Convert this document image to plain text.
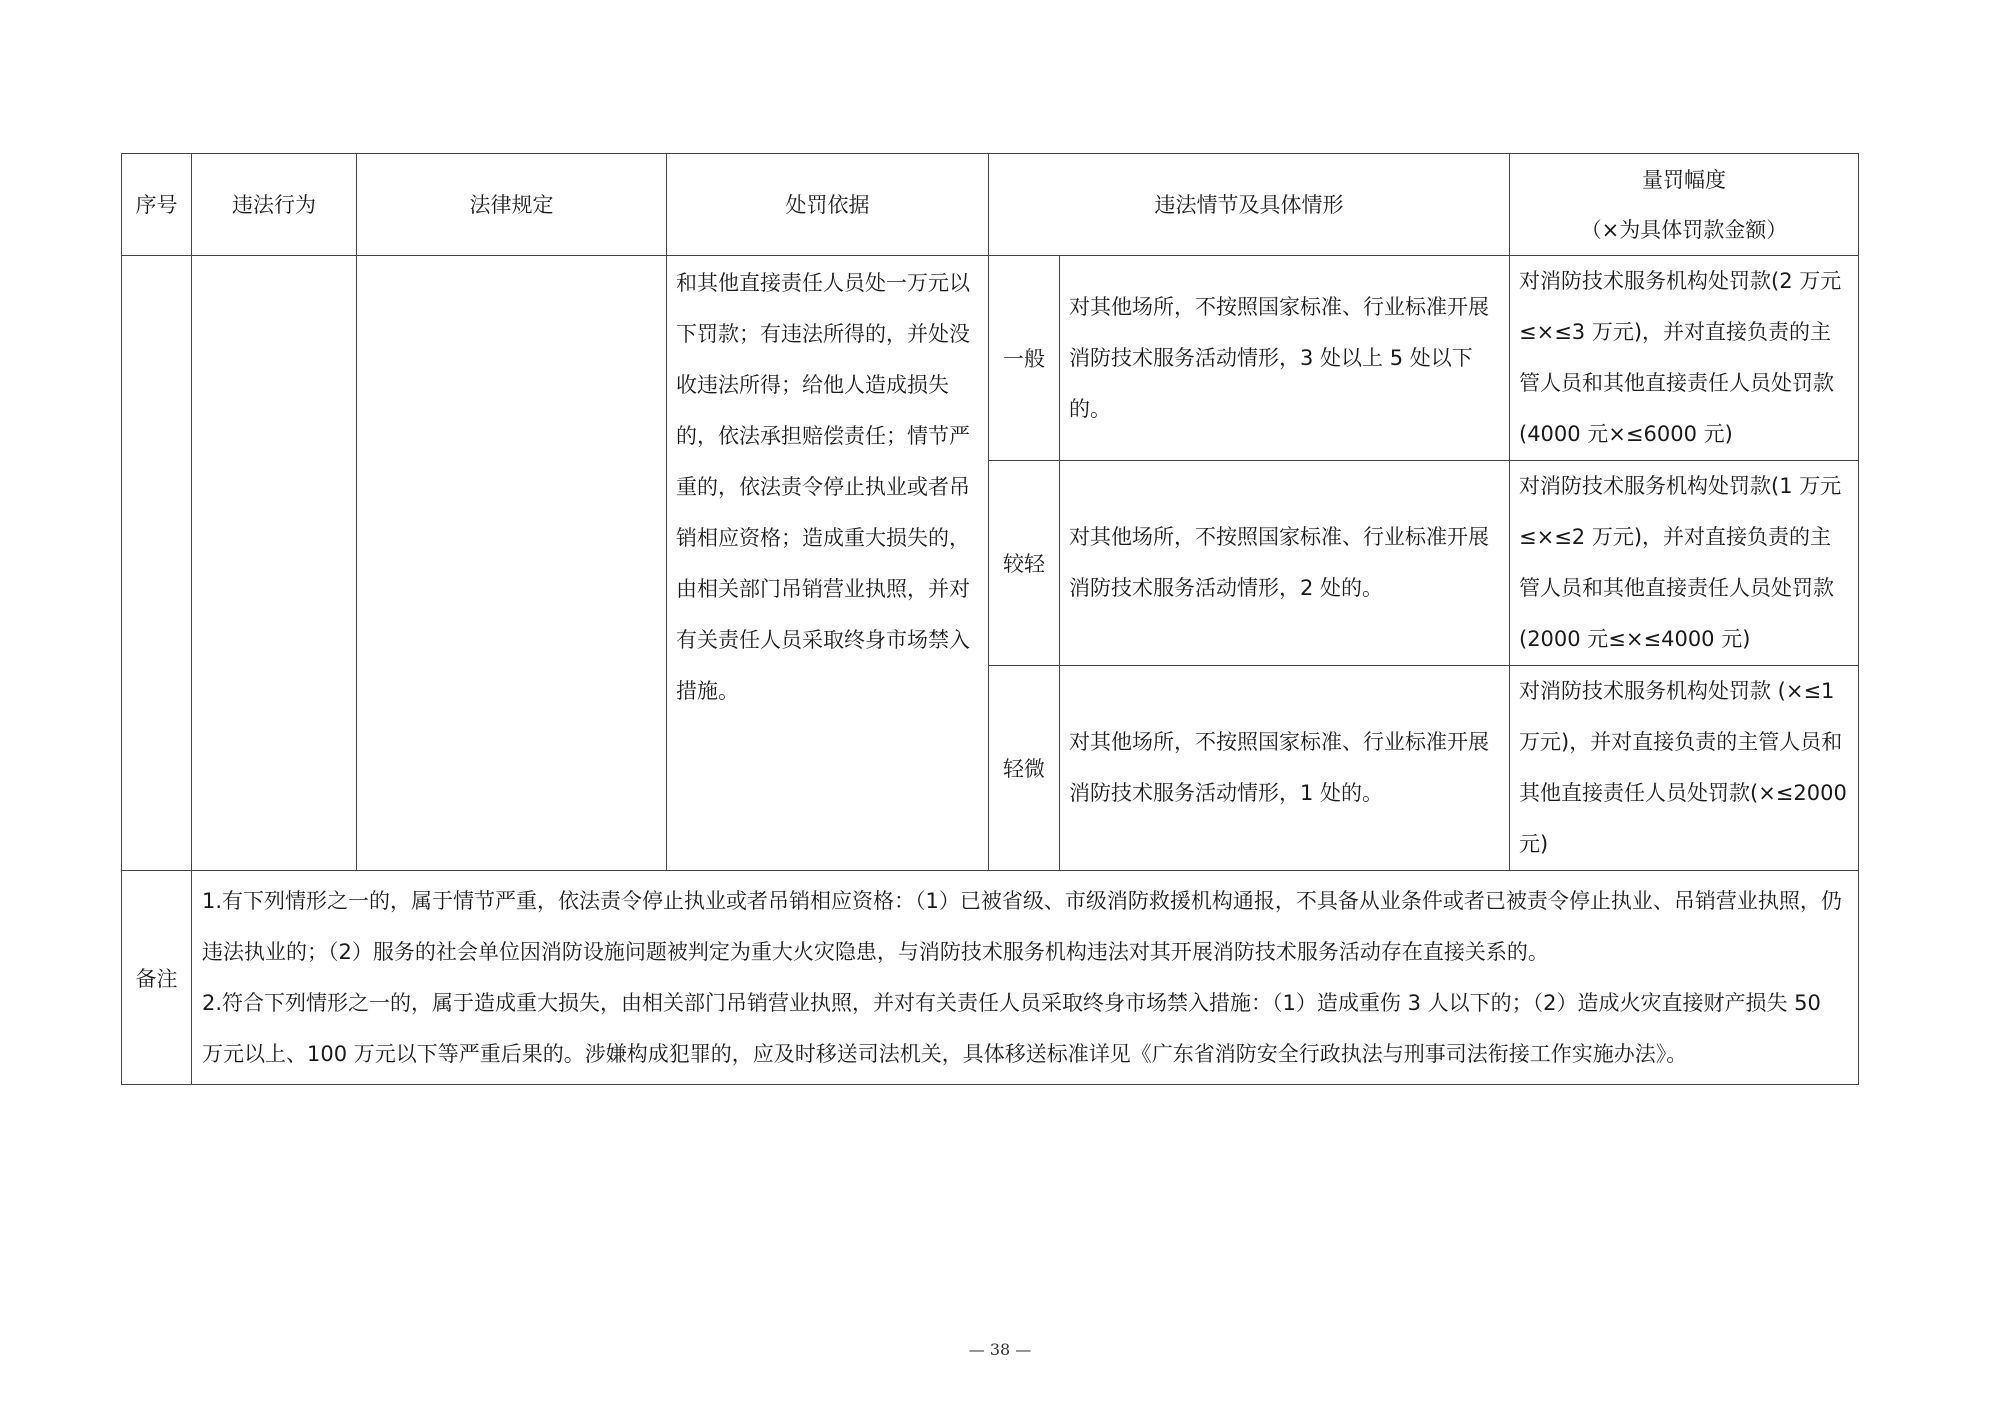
序号	违法行为	法律规定	处罚依据	违法情节及具体情形		量罚幅度
（×为具体罚款金额）

			和其他直接责任人员处一万元以下罚款；有违法所得的，并处没收违法所得；给他人造成损失的，依法承担赔偿责任；情节严重的，依法责令停止执业或者吊销相应资格；造成重大损失的，由相关部门吊销营业执照，并对有关责任人员采取终身市场禁入措施。	一般	对其他场所，不按照国家标准、行业标准开展消防技术服务活动情形，3 处以上 5 处以下的。	对消防技术服务机构处罚款(2 万元≤×≤3 万元)，并对直接负责的主管人员和其他直接责任人员处罚款 (4000 元×≤6000 元)
				较轻	对其他场所，不按照国家标准、行业标准开展消防技术服务活动情形，2 处的。	对消防技术服务机构处罚款(1 万元≤×≤2 万元)，并对直接负责的主管人员和其他直接责任人员处罚款 (2000 元≤×≤4000 元)
				轻微	对其他场所，不按照国家标准、行业标准开展消防技术服务活动情形，1 处的。	对消防技术服务机构处罚款 (×≤1 万元)，并对直接负责的主管人员和其他直接责任人员处罚款(×≤2000 元)
备注	1.有下列情形之一的，属于情节严重，依法责令停止执业或者吊销相应资格：（1）已被省级、市级消防救援机构通报，不具备从业条件或者已被责令停止执业、吊销营业执照，仍违法执业的；（2）服务的社会单位因消防设施问题被判定为重大火灾隐患，与消防技术服务机构违法对其开展消防技术服务活动存在直接关系的。

2.符合下列情形之一的，属于造成重大损失，由相关部门吊销营业执照，并对有关责任人员采取终身市场禁入措施：（1）造成重伤 3 人以下的；（2）造成火灾直接财产损失 50 万元以上、100 万元以下等严重后果的。涉嫌构成犯罪的，应及时移送司法机关，具体移送标准详见《广东省消防安全行政执法与刑事司法衔接工作实施办法》。					

— 38 —
